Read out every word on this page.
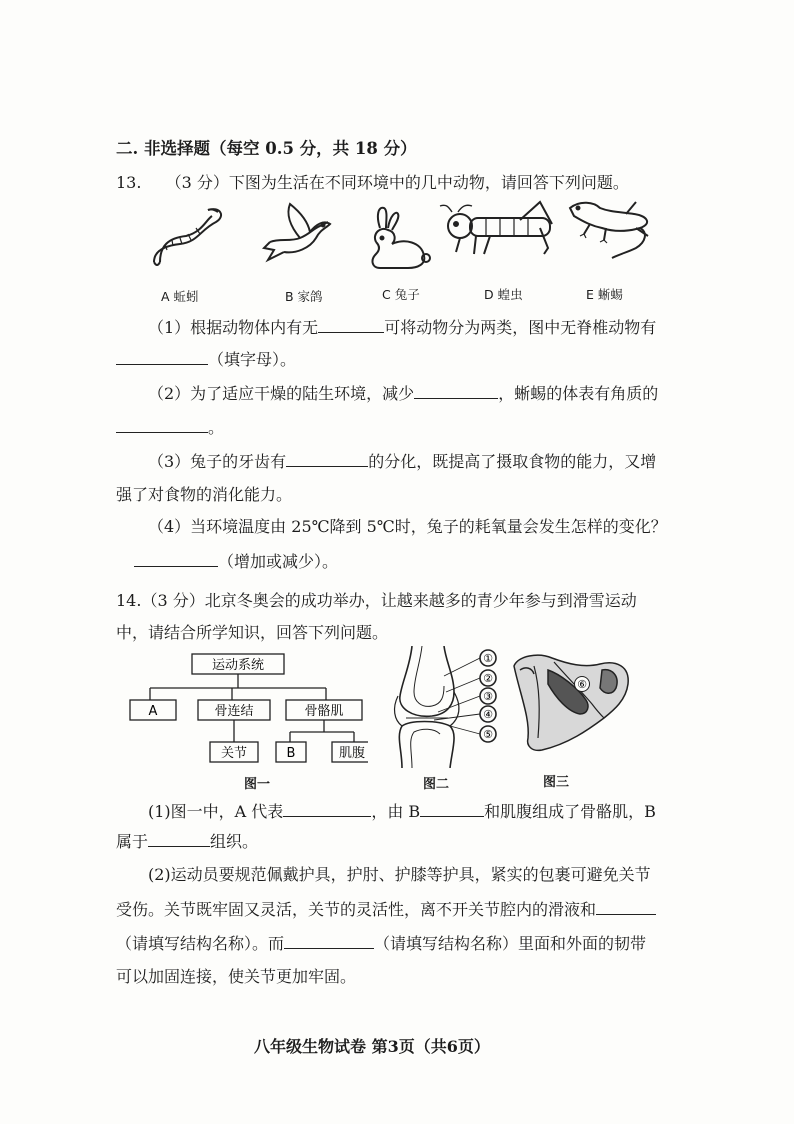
二. 非选择题（每空 0.5 分，共 18 分）
13. （3 分）下图为生活在不同环境中的几中动物，请回答下列问题。
A 蚯蚓	B 家鸽	C 兔子	D 蝗虫	E 蜥蜴
（1）根据动物体内有无	可将动物分为两类，图中无脊椎动物有
（填字母）。
（2）为了适应干燥的陆生环境，减少	，蜥蜴的体表有角质的
。
（3）兔子的牙齿有	的分化，既提高了摄取食物的能力，又增
强了对食物的消化能力。
（4）当环境温度由 25℃降到 5℃时，兔子的耗氧量会发生怎样的变化？
（增加或减少）。
14.（3 分）北京冬奥会的成功举办，让越来越多的青少年参与到滑雪运动
中，请结合所学知识，回答下列问题。
运动系统
A	骨连结	骨骼肌
关节	B	肌腹
①
②
③
④
⑤
⑥
图一	图二	图三
(1)图一中，A 代表	，由 B	和肌腹组成了骨骼肌，B
属于	组织。
(2)运动员要规范佩戴护具，护肘、护膝等护具，紧实的包裹可避免关节
受伤。关节既牢固又灵活，关节的灵活性，离不开关节腔内的滑液和
（请填写结构名称）。而	（请填写结构名称）里面和外面的韧带
可以加固连接，使关节更加牢固。
八年级生物试卷 第3页（共6页）
